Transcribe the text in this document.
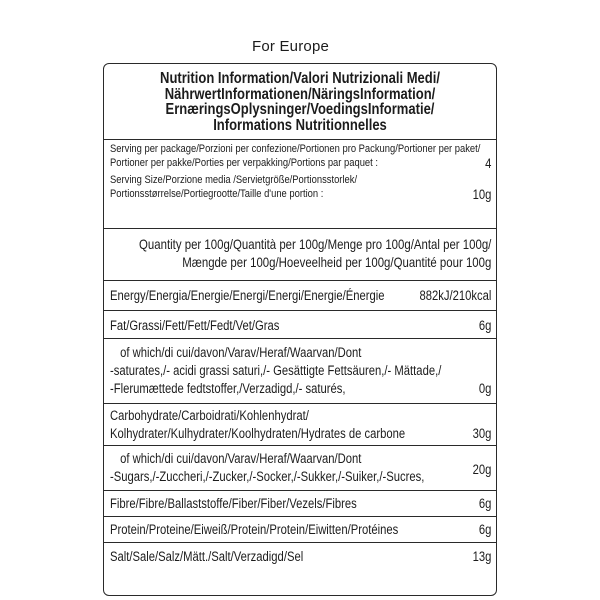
For Europe
Nutrition Information/Valori Nutrizionali Medi/
NährwertInformationen/NäringsInformation/
ErnæringsOplysninger/VoedingsInformatie/
Informations Nutritionnelles
Serving per package/Porzioni per confezione/Portionen pro Packung/Portioner per paket/
Portioner per pakke/Porties per verpakking/Portions par paquet :	4
Serving Size/Porzione media /Servietgröße/Portionsstorlek/
Portionsstørrelse/Portiegrootte/Taille d'une portion :	10g
Quantity per 100g/Quantità per 100g/Menge pro 100g/Antal per 100g/
Mængde per 100g/Hoeveelheid per 100g/Quantité pour 100g
Energy/Energia/Energie/Energi/Energi/Energie/Énergie	882kJ/210kcal
Fat/Grassi/Fett/Fett/Fedt/Vet/Gras	6g
of which/di cui/davon/Varav/Heraf/Waarvan/Dont
-saturates,/- acidi grassi saturi,/- Gesättigte Fettsäuren,/- Mättade,/
-Flerumættede fedtstoffer,/Verzadigd,/- saturés,	0g
Carbohydrate/Carboidrati/Kohlenhydrat/
Kolhydrater/Kulhydrater/Koolhydraten/Hydrates de carbone	30g
of which/di cui/davon/Varav/Heraf/Waarvan/Dont
-Sugars,/-Zuccheri,/-Zucker,/-Socker,/-Sukker,/-Suiker,/-Sucres,	20g
Fibre/Fibre/Ballaststoffe/Fiber/Fiber/Vezels/Fibres	6g
Protein/Proteine/Eiweiß/Protein/Protein/Eiwitten/Protéines	6g
Salt/Sale/Salz/Mätt./Salt/Verzadigd/Sel	13g
